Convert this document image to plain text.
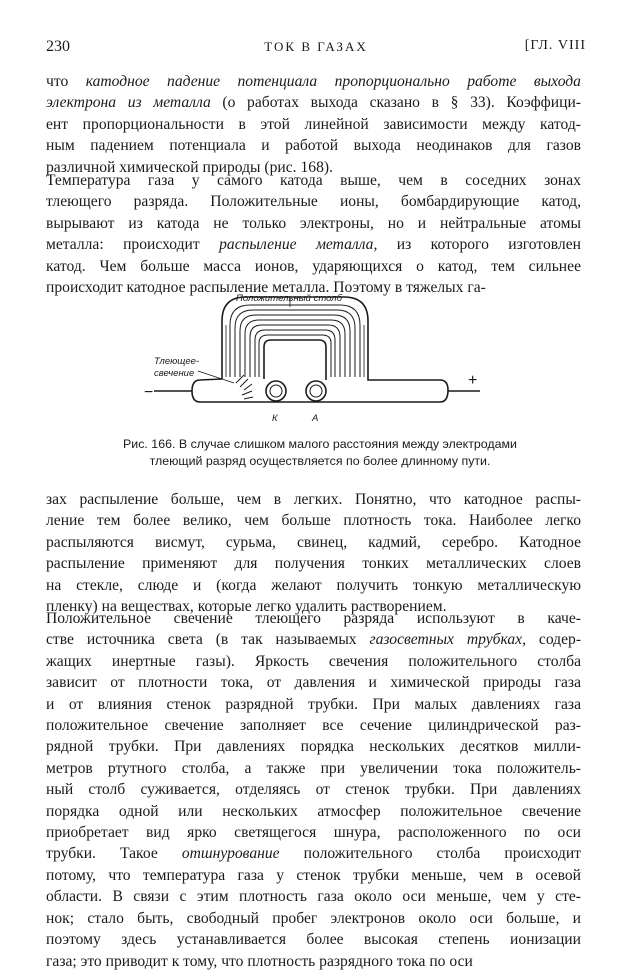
230	ТОК В ГАЗАХ	[ГЛ. VIII

что катодное падение потенциала пропорционально работе выхода
электрона из металла (о работах выхода сказано в § 33). Коэффици-
ент пропорциональности в этой линейной зависимости между катод-
ным падением потенциала и работой выхода неодинаков для газов
различной химической природы (рис. 168).

Температура газа у самого катода выше, чем в соседних зонах
тлеющего разряда. Положительные ионы, бомбардирующие катод,
вырывают из катода не только электроны, но и нейтральные атомы
металла: происходит распыление металла, из которого изготовлен
катод. Чем больше масса ионов, ударяющихся о катод, тем сильнее
происходит катодное распыление металла. Поэтому в тяжелых га-

Положительный столб
Тлеющее-
свечение
К	А
−
+
Рис. 166. В случае слишком малого расстояния между электродами
тлеющий разряд осуществляется по более длинному пути.

зах распыление больше, чем в легких. Понятно, что катодное распы-
ление тем более велико, чем больше плотность тока. Наиболее легко
распыляются висмут, сурьма, свинец, кадмий, серебро. Катодное
распыление применяют для получения тонких металлических слоев
на стекле, слюде и (когда желают получить тонкую металлическую
пленку) на веществах, которые легко удалить растворением.

Положительное свечение тлеющего разряда используют в каче-
стве источника света (в так называемых газосветных трубках, содер-
жащих инертные газы). Яркость свечения положительного столба
зависит от плотности тока, от давления и химической природы газа
и от влияния стенок разрядной трубки. При малых давлениях газа
положительное свечение заполняет все сечение цилиндрической раз-
рядной трубки. При давлениях порядка нескольких десятков милли-
метров ртутного столба, а также при увеличении тока положитель-
ный столб суживается, отделяясь от стенок трубки. При давлениях
порядка одной или нескольких атмосфер положительное свечение
приобретает вид ярко светящегося шнура, расположенного по оси
трубки. Такое отшнурование положительного столба происходит
потому, что температура газа у стенок трубки меньше, чем в осевой
области. В связи с этим плотность газа около оси меньше, чем у сте-
нок; стало быть, свободный пробег электронов около оси больше, и
поэтому здесь устанавливается более высокая степень ионизации
газа; это приводит к тому, что плотность разрядного тока по оси
